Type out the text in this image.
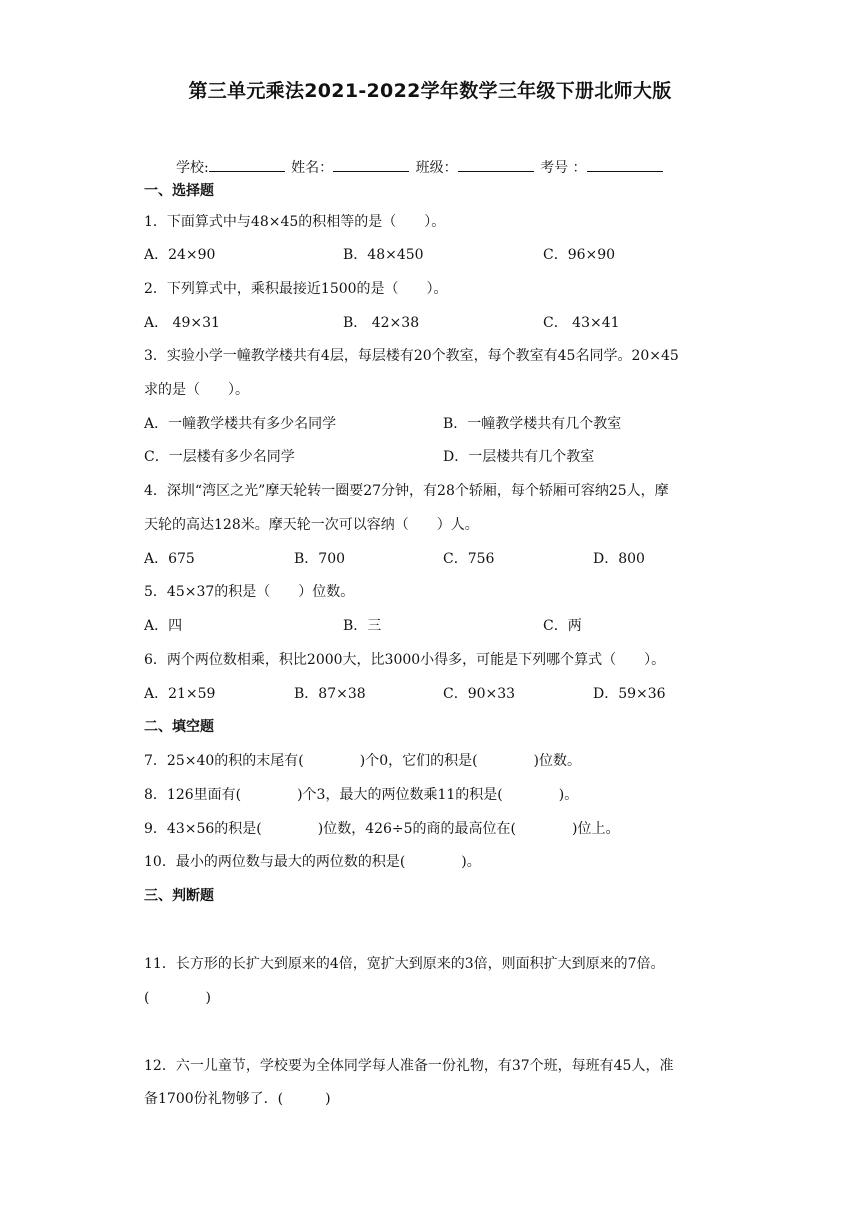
第三单元乘法2021-2022学年数学三年级下册北师大版
学校:	姓名：	班级：	考号 ：
一、选择题
1．下面算式中与48×45的积相等的是（　　）。
A．24×90	B．48×450	C．96×90
2．下列算式中，乘积最接近1500的是（　　）。
A． 49×31	B． 42×38	C． 43×41
3．实验小学一幢教学楼共有4层，每层楼有20个教室，每个教室有45名同学。20×45
求的是（　　）。
A．一幢教学楼共有多少名同学	B．一幢教学楼共有几个教室
C．一层楼有多少名同学	D．一层楼共有几个教室
4．深圳“湾区之光”摩天轮转一圈要27分钟，有28个轿厢，每个轿厢可容纳25人，摩
天轮的高达128米。摩天轮一次可以容纳（　　）人。
A．675	B．700	C．756	D．800
5．45×37的积是（　　）位数。
A．四	B．三	C．两
6．两个两位数相乘，积比2000大，比3000小得多，可能是下列哪个算式（　　）。
A．21×59	B．87×38	C．90×33	D．59×36
二、填空题
7．25×40的积的末尾有(　　　　)个0，它们的积是(　　　　)位数。
8．126里面有(　　　　)个3，最大的两位数乘11的积是(　　　　)。
9．43×56的积是(　　　　)位数，426÷5的商的最高位在(　　　　)位上。
10．最小的两位数与最大的两位数的积是(　　　　)。
三、判断题
11．长方形的长扩大到原来的4倍，宽扩大到原来的3倍，则面积扩大到原来的7倍。
(　　　　)
12．六一儿童节，学校要为全体同学每人准备一份礼物，有37个班，每班有45人，准
备1700份礼物够了．(　　　)
